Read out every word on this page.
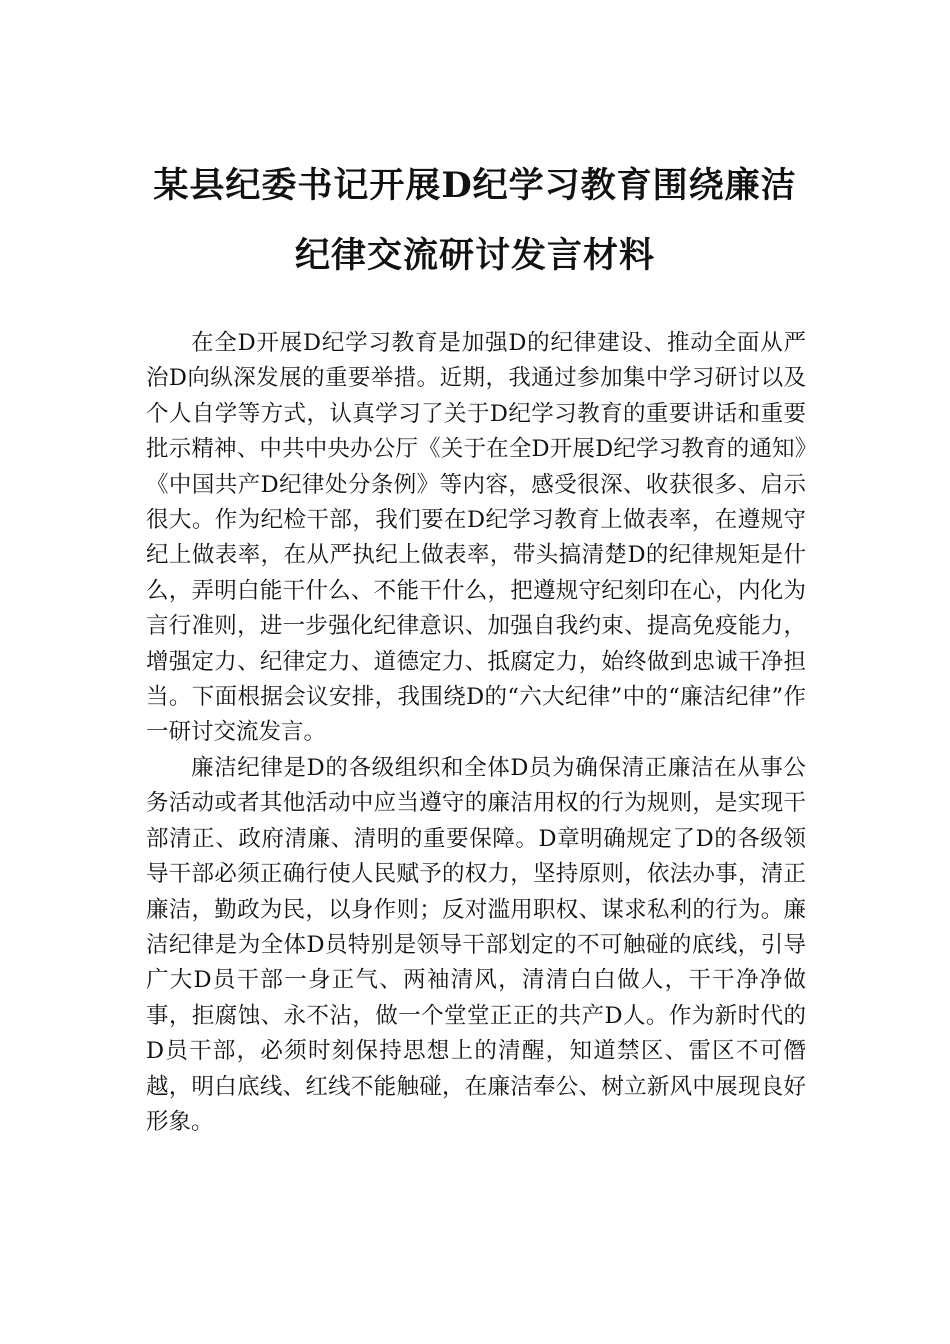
某县纪委书记开展D纪学习教育围绕廉洁
纪律交流研讨发言材料

在全D开展D纪学习教育是加强D的纪律建设、推动全面从严治D向纵深发展的重要举措。近期，我通过参加集中学习研讨以及个人自学等方式，认真学习了关于D纪学习教育的重要讲话和重要批示精神、中共中央办公厅《关于在全D开展D纪学习教育的通知》《中国共产D纪律处分条例》等内容，感受很深、收获很多、启示很大。作为纪检干部，我们要在D纪学习教育上做表率，在遵规守纪上做表率，在从严执纪上做表率，带头搞清楚D的纪律规矩是什么，弄明白能干什么、不能干什么，把遵规守纪刻印在心，内化为言行准则，进一步强化纪律意识、加强自我约束、提高免疫能力，增强定力、纪律定力、道德定力、抵腐定力，始终做到忠诚干净担当。下面根据会议安排，我围绕D的“六大纪律”中的“廉洁纪律”作一研讨交流发言。

廉洁纪律是D的各级组织和全体D员为确保清正廉洁在从事公务活动或者其他活动中应当遵守的廉洁用权的行为规则，是实现干部清正、政府清廉、清明的重要保障。D章明确规定了D的各级领导干部必须正确行使人民赋予的权力，坚持原则，依法办事，清正廉洁，勤政为民，以身作则；反对滥用职权、谋求私利的行为。廉洁纪律是为全体D员特别是领导干部划定的不可触碰的底线，引导广大D员干部一身正气、两袖清风，清清白白做人，干干净净做事，拒腐蚀、永不沾，做一个堂堂正正的共产D人。作为新时代的D员干部，必须时刻保持思想上的清醒，知道禁区、雷区不可僭越，明白底线、红线不能触碰，在廉洁奉公、树立新风中展现良好形象。
